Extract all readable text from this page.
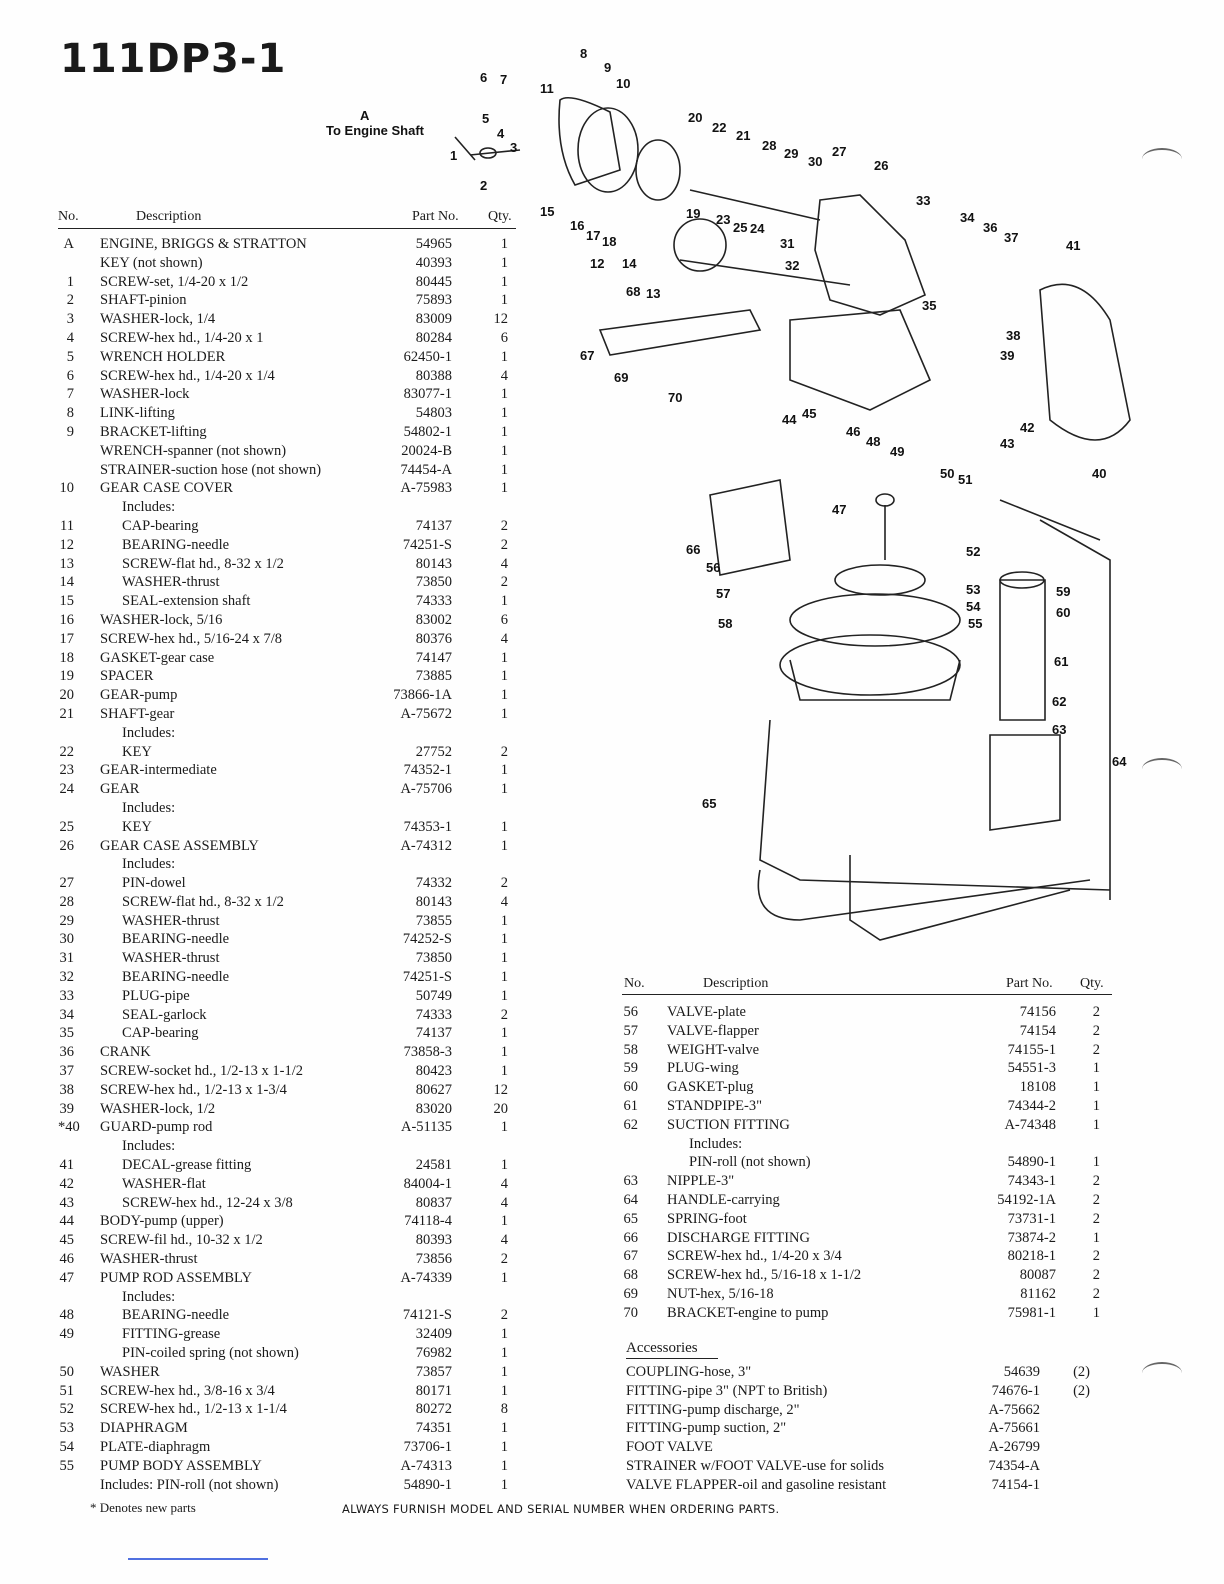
111DP3-1
A
To Engine Shaft
1
2
3
4
5
6 7
8
9
10
11
12
13
14
15
16
17 18
19
20
21
22
23
24
25
26
27
28
29
30
31
32
33
34
35
36
37
38
39
40
41
42
43
44 45
46
47
48
49
50 51
52
53
54
55
56
57
58
59
60
61
62
63
64
65
66
67
68
69
70
No.	Description	Part No. Qty.
A ENGINE, BRIGGS & STRATTON	54965	1
KEY (not shown)	40393	1
1 SCREW-set, 1/4-20 x 1/2	80445	1
2 SHAFT-pinion	75893	1
3 WASHER-lock, 1/4	83009	12
4 SCREW-hex hd., 1/4-20 x 1	80284	6
5 WRENCH HOLDER	62450-1	1
6 SCREW-hex hd., 1/4-20 x 1/4	80388	4
7 WASHER-lock	83077-1	1
8 LINK-lifting	54803	1
9 BRACKET-lifting	54802-1	1
WRENCH-spanner (not shown)	20024-B	1
STRAINER-suction hose (not shown)	74454-A	1
10 GEAR CASE COVER	A-75983	1
Includes:
11	CAP-bearing	74137	2
12	BEARING-needle	74251-S	2
13	SCREW-flat hd., 8-32 x 1/2	80143	4
14	WASHER-thrust	73850	2
15	SEAL-extension shaft	74333	1
16 WASHER-lock, 5/16	83002	6
17 SCREW-hex hd., 5/16-24 x 7/8	80376	4
18 GASKET-gear case	74147	1
19 SPACER	73885	1
20 GEAR-pump	73866-1A	1
21 SHAFT-gear	A-75672	1
Includes:
22	KEY	27752	2
23 GEAR-intermediate	74352-1	1
24 GEAR	A-75706	1
Includes:
25	KEY	74353-1	1
26 GEAR CASE ASSEMBLY	A-74312	1
Includes:
27	PIN-dowel	74332	2
28	SCREW-flat hd., 8-32 x 1/2	80143	4
29	WASHER-thrust	73855	1
30	BEARING-needle	74252-S	1
31	WASHER-thrust	73850	1
32	BEARING-needle	74251-S	1
33	PLUG-pipe	50749	1
34	SEAL-garlock	74333	2
35	CAP-bearing	74137	1
36 CRANK	73858-3	1
37 SCREW-socket hd., 1/2-13 x 1-1/2	80423	1
38 SCREW-hex hd., 1/2-13 x 1-3/4	80627	12
39 WASHER-lock, 1/2	83020	20
*40 GUARD-pump rod	A-51135	1
Includes:
41	DECAL-grease fitting	24581	1
42	WASHER-flat	84004-1	4
43	SCREW-hex hd., 12-24 x 3/8	80837	4
44 BODY-pump (upper)	74118-4	1
45 SCREW-fil hd., 10-32 x 1/2	80393	4
46 WASHER-thrust	73856	2
47 PUMP ROD ASSEMBLY	A-74339	1
Includes:
48	BEARING-needle	74121-S	2
49	FITTING-grease	32409	1
PIN-coiled spring (not shown)	76982	1
50 WASHER	73857	1
51 SCREW-hex hd., 3/8-16 x 3/4	80171	1
52 SCREW-hex hd., 1/2-13 x 1-1/4	80272	8
53 DIAPHRAGM	74351	1
54 PLATE-diaphragm	73706-1	1
55 PUMP BODY ASSEMBLY	A-74313	1
Includes: PIN-roll (not shown)	54890-1	1
No.	Description	Part No. Qty.
56 VALVE-plate	74156	2
57 VALVE-flapper	74154	2
58 WEIGHT-valve	74155-1	2
59 PLUG-wing	54551-3	1
60 GASKET-plug	18108	1
61 STANDPIPE-3"	74344-2	1
62 SUCTION FITTING	A-74348	1
Includes:
PIN-roll (not shown)	54890-1	1
63 NIPPLE-3"	74343-1	2
64 HANDLE-carrying	54192-1A	2
65 SPRING-foot	73731-1	2
66 DISCHARGE FITTING	73874-2	1
67 SCREW-hex hd., 1/4-20 x 3/4	80218-1	2
68 SCREW-hex hd., 5/16-18 x 1-1/2	80087	2
69 NUT-hex, 5/16-18	81162	2
70 BRACKET-engine to pump	75981-1	1
Accessories
COUPLING-hose, 3"	54639	(2)
FITTING-pipe 3" (NPT to British)	74676-1	(2)
FITTING-pump discharge, 2"	A-75662
FITTING-pump suction, 2"	A-75661
FOOT VALVE	A-26799
STRAINER w/FOOT VALVE-use for solids	74354-A
VALVE FLAPPER-oil and gasoline resistant	74154-1
* Denotes new parts	ALWAYS FURNISH MODEL AND SERIAL NUMBER WHEN ORDERING PARTS.
